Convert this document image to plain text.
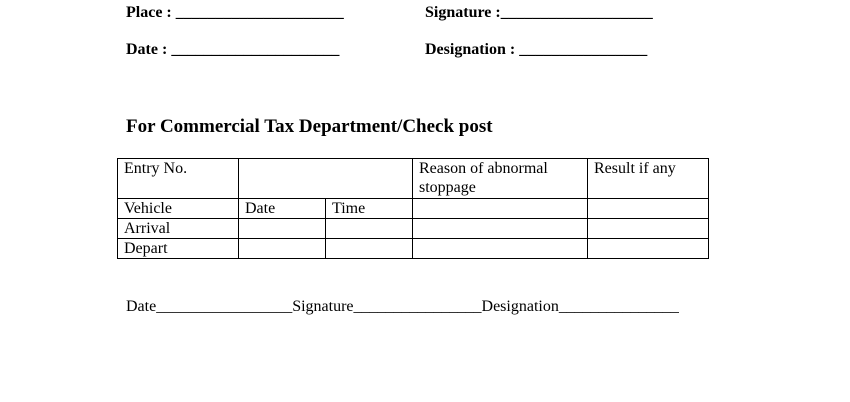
Place : _____________________	Signature :___________________
Date : _____________________	Designation : ________________
For Commercial Tax Department/Check post
Entry No.			Reason of abnormal stoppage	Result if any
Vehicle	Date	Time		
Arrival				
Depart				
Date_________________Signature________________Designation_______________
